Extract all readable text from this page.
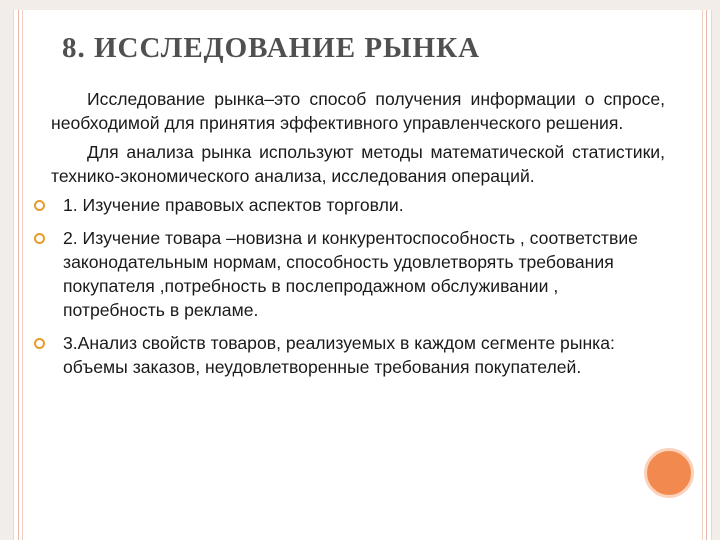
8. ИССЛЕДОВАНИЕ РЫНКА

Исследование рынка–это способ получения информации о спросе, необходимой для принятия эффективного управленческого решения.

Для анализа рынка используют методы математической статистики, технико-экономического анализа, исследования операций.

1. Изучение правовых аспектов торговли.
2. Изучение товара –новизна и конкурентоспособность , соответствие законодательным нормам, способность удовлетворять требования покупателя ,потребность в послепродажном обслуживании , потребность в рекламе.
3.Анализ свойств товаров, реализуемых в каждом сегменте рынка: объемы заказов, неудовлетворенные требования покупателей.
